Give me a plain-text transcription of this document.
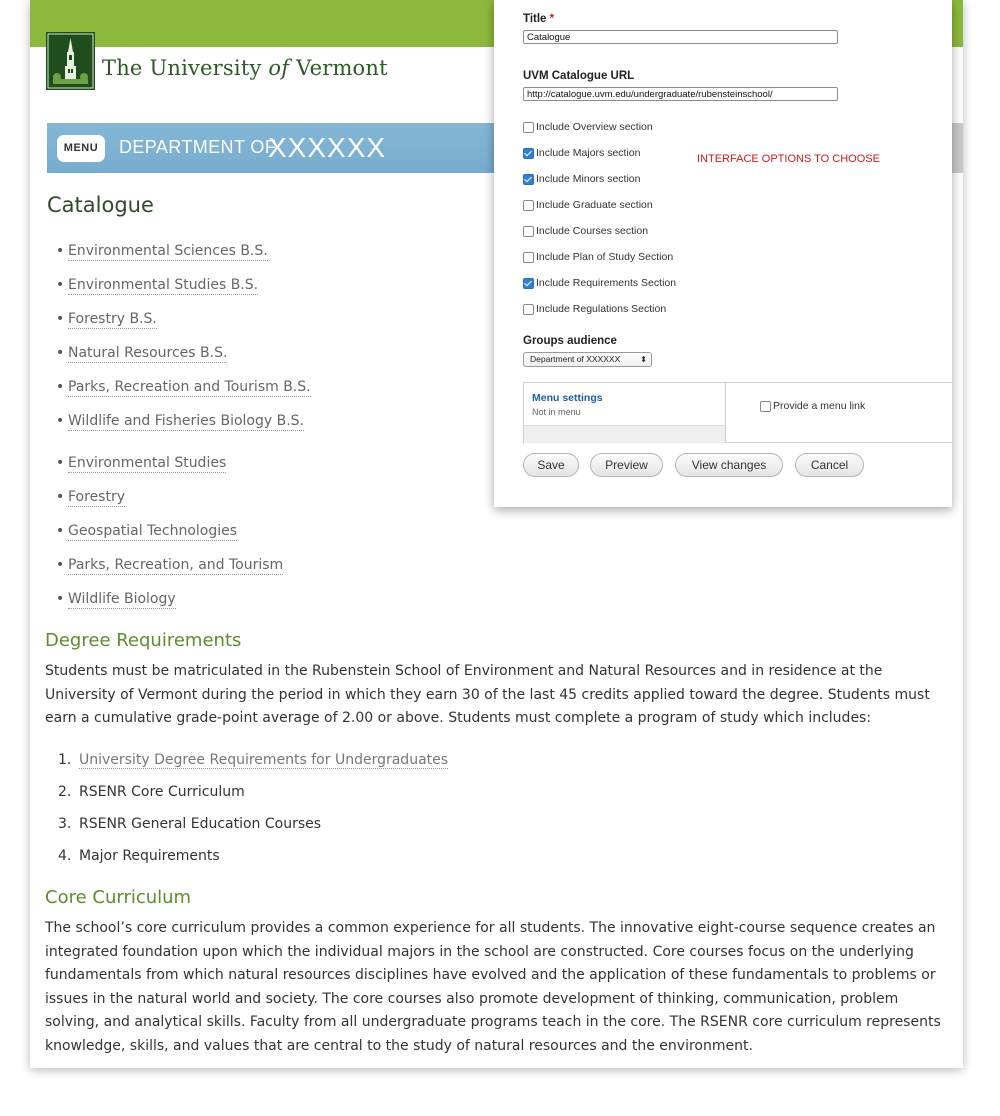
The University of Vermont
MENU	DEPARTMENT OF
XXXXXX
Catalogue
• Environmental Sciences B.S.
• Environmental Studies B.S.
• Forestry B.S.
• Natural Resources B.S.
• Parks, Recreation and Tourism B.S.
• Wildlife and Fisheries Biology B.S.
• Environmental Studies
• Forestry
• Geospatial Technologies
• Parks, Recreation, and Tourism
• Wildlife Biology
Degree Requirements

Students must be matriculated in the Rubenstein School of Environment and Natural Resources and in residence at the University of Vermont during the period in which they earn 30 of the last 45 credits applied toward the degree. Students must earn a cumulative grade-point average of 2.00 or above. Students must complete a program of study which includes:

1. University Degree Requirements for Undergraduates
2. RSENR Core Curriculum
3. RSENR General Education Courses
4. Major Requirements
Core Curriculum

The school’s core curriculum provides a common experience for all students. The innovative eight-course sequence creates an integrated foundation upon which the individual majors in the school are constructed. Core courses focus on the underlying fundamentals from which natural resources disciplines have evolved and the application of these fundamentals to problems or issues in the natural world and society. The core courses also promote development of thinking, communication, problem solving, and analytical skills. Faculty from all undergraduate programs teach in the core. The RSENR core curriculum represents knowledge, skills, and values that are central to the study of natural resources and the environment.

Title *
Catalogue
UVM Catalogue URL
http://catalogue.uvm.edu/undergraduate/rubensteinschool/
Include Overview section
Include Majors section
Include Minors section
Include Graduate section
Include Courses section
Include Plan of Study Section
Include Requirements Section
Include Regulations Section
INTERFACE OPTIONS TO CHOOSE
Groups audience
Department of XXXXXX	⬍
Menu settings
Not in menu	Provide a menu link
Save	Preview	View changes	Cancel
